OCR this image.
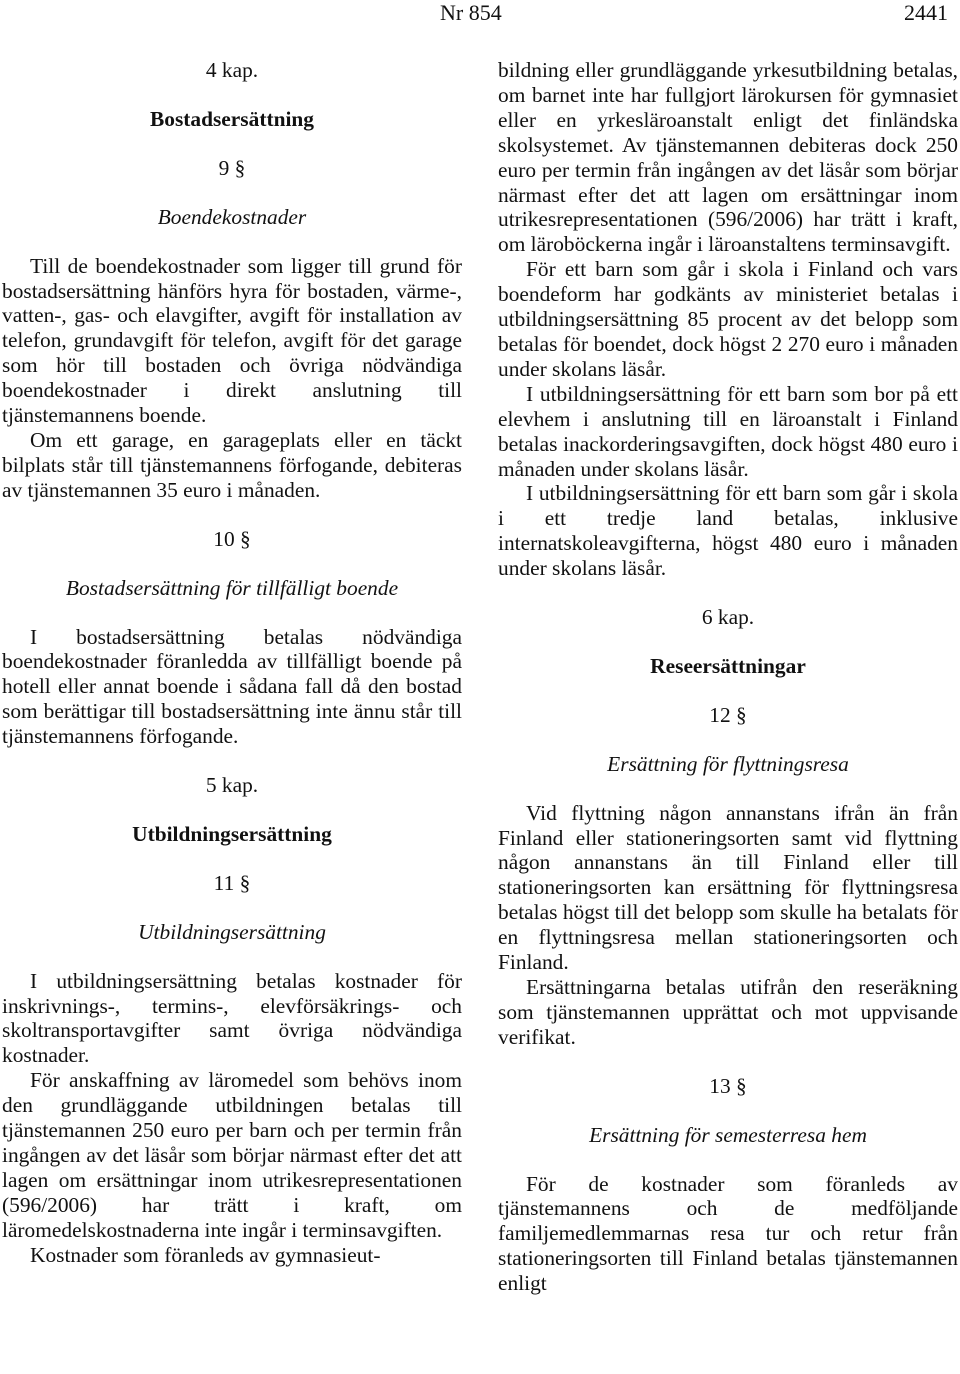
Nr 854	2441

4 kap.

Bostadsersättning

9 §

Boendekostnader

Till de boendekostnader som ligger till grund för bostadsersättning hänförs hyra för bostaden, värme-, vatten-, gas- och elavgifter, avgift för installation av telefon, grundavgift för telefon, avgift för det garage som hör till bostaden och övriga nödvändiga boendekostnader i direkt anslutning till tjänstemannens boende.

Om ett garage, en garageplats eller en täckt bilplats står till tjänstemannens förfogande, debiteras av tjänstemannen 35 euro i månaden.

10 §

Bostadsersättning för tillfälligt boende

I bostadsersättning betalas nödvändiga boendekostnader föranledda av tillfälligt boende på hotell eller annat boende i sådana fall då den bostad som berättigar till bostadsersättning inte ännu står till tjänstemannens förfogande.

5 kap.

Utbildningsersättning

11 §

Utbildningsersättning

I utbildningsersättning betalas kostnader för inskrivnings-, termins-, elevförsäkrings- och skoltransportavgifter samt övriga nödvändiga kostnader.

För anskaffning av läromedel som behövs inom den grundläggande utbildningen betalas till tjänstemannen 250 euro per barn och per termin från ingången av det läsår som börjar närmast efter det att lagen om ersättningar inom utrikesrepresentationen (596/2006) har trätt i kraft, om läromedelskostnaderna inte ingår i terminsavgiften.

Kostnader som föranleds av gymnasieut-

bildning eller grundläggande yrkesutbildning betalas, om barnet inte har fullgjort lärokursen för gymnasiet eller en yrkesläroanstalt enligt det finländska skolsystemet. Av tjänstemannen debiteras dock 250 euro per termin från ingången av det läsår som börjar närmast efter det att lagen om ersättningar inom utrikesrepresentationen (596/2006) har trätt i kraft, om läroböckerna ingår i läroanstaltens terminsavgift.

För ett barn som går i skola i Finland och vars boendeform har godkänts av ministeriet betalas i utbildningsersättning 85 procent av det belopp som betalas för boendet, dock högst 2 270 euro i månaden under skolans läsår.

I utbildningsersättning för ett barn som bor på ett elevhem i anslutning till en läroanstalt i Finland betalas inackorderingsavgiften, dock högst 480 euro i månaden under skolans läsår.

I utbildningsersättning för ett barn som går i skola i ett tredje land betalas, inklusive internatskoleavgifterna, högst 480 euro i månaden under skolans läsår.

6 kap.

Reseersättningar

12 §

Ersättning för flyttningsresa

Vid flyttning någon annanstans ifrån än från Finland eller stationeringsorten samt vid flyttning någon annanstans än till Finland eller till stationeringsorten kan ersättning för flyttningsresa betalas högst till det belopp som skulle ha betalats för en flyttningsresa mellan stationeringsorten och Finland.

Ersättningarna betalas utifrån den reseräkning som tjänstemannen upprättat och mot uppvisande verifikat.

13 §

Ersättning för semesterresa hem

För de kostnader som föranleds av tjänstemannens och de medföljande familjemedlemmarnas resa tur och retur från stationeringsorten till Finland betalas tjänstemannen enligt
